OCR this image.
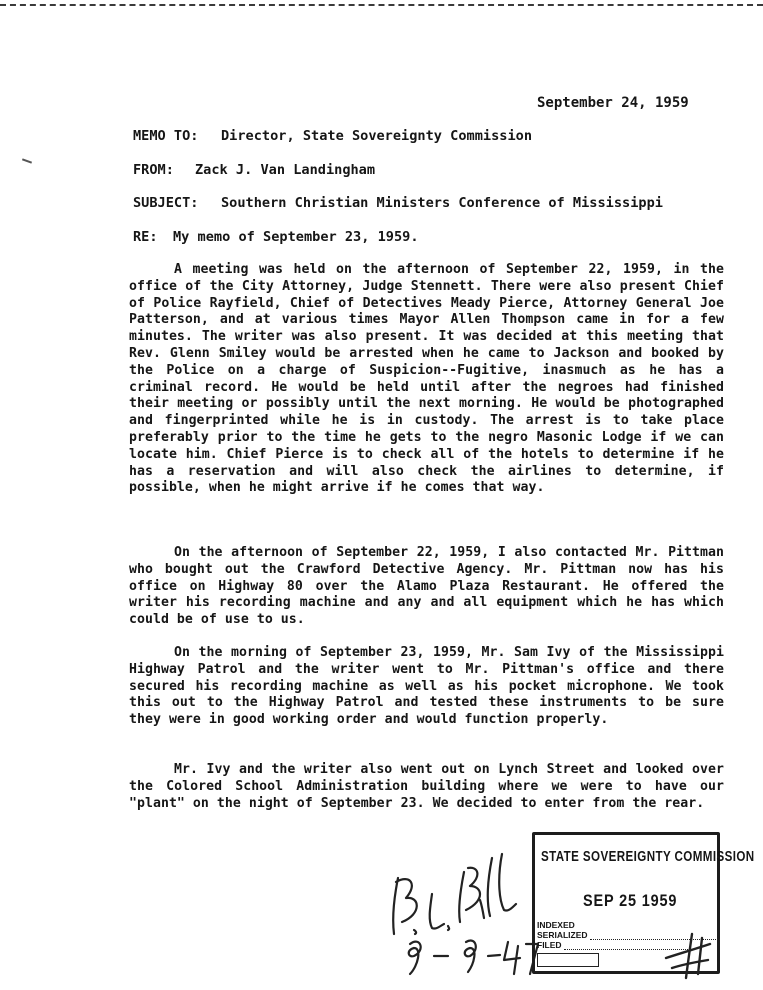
September 24, 1959
MEMO TO: Director, State Sovereignty Commission
FROM: Zack J. Van Landingham
SUBJECT: Southern Christian Ministers Conference of Mississippi
RE: My memo of September 23, 1959.
A meeting was held on the afternoon of September 22, 1959, in the office of the City Attorney, Judge Stennett. There were also present Chief of Police Rayfield, Chief of Detectives Meady Pierce, Attorney General Joe Patterson, and at various times Mayor Allen Thompson came in for a few minutes. The writer was also present. It was decided at this meeting that Rev. Glenn Smiley would be arrested when he came to Jackson and booked by the Police on a charge of Suspicion--Fugitive, inasmuch as he has a criminal record. He would be held until after the negroes had finished their meeting or possibly until the next morning. He would be photographed and fingerprinted while he is in custody. The arrest is to take place preferably prior to the time he gets to the negro Masonic Lodge if we can locate him. Chief Pierce is to check all of the hotels to determine if he has a reservation and will also check the airlines to determine, if possible, when he might arrive if he comes that way.
On the afternoon of September 22, 1959, I also contacted Mr. Pittman who bought out the Crawford Detective Agency. Mr. Pittman now has his office on Highway 80 over the Alamo Plaza Restaurant. He offered the writer his recording machine and any and all equipment which he has which could be of use to us.
On the morning of September 23, 1959, Mr. Sam Ivy of the Mississippi Highway Patrol and the writer went to Mr. Pittman's office and there secured his recording machine as well as his pocket microphone. We took this out to the Highway Patrol and tested these instruments to be sure they were in good working order and would function properly.
Mr. Ivy and the writer also went out on Lynch Street and looked over the Colored School Administration building where we were to have our "plant" on the night of September 23. We decided to enter from the rear.
B. L. Bill
STATE SOVEREIGNTY COMMISSION
SEP 25 1959
INDEXED
SERIALIZED
FILED
